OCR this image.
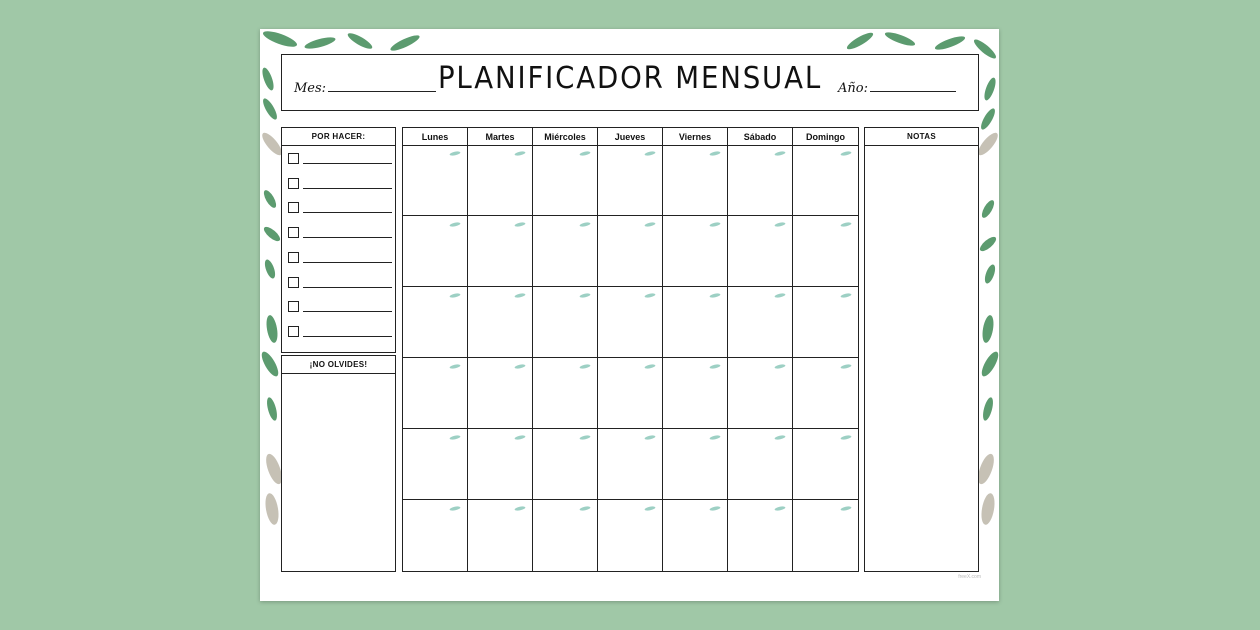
Mes:	PLANIFICADOR MENSUAL	Año:
POR HACER:
¡NO OLVIDES!
Lunes	Martes	Miércoles	Jueves	Viernes	Sábado	Domingo	NOTAS
freeX.com
